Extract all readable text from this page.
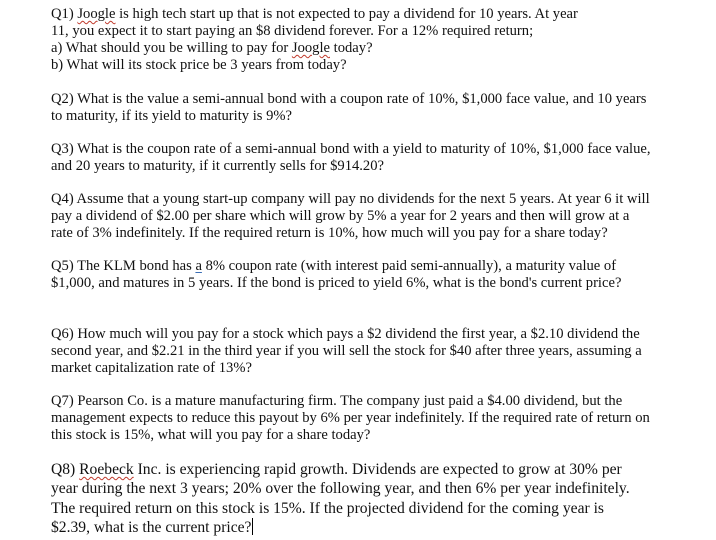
Q1) Joogle is high tech start up that is not expected to pay a dividend for 10 years. At year
11, you expect it to start paying an $8 dividend forever. For a 12% required return;
a) What should you be willing to pay for Joogle today?
b) What will its stock price be 3 years from today?
Q2) What is the value a semi-annual bond with a coupon rate of 10%, $1,000 face value, and 10 years
to maturity, if its yield to maturity is 9%?
Q3) What is the coupon rate of a semi-annual bond with a yield to maturity of 10%, $1,000 face value,
and 20 years to maturity, if it currently sells for $914.20?
Q4) Assume that a young start-up company will pay no dividends for the next 5 years. At year 6 it will
pay a dividend of $2.00 per share which will grow by 5% a year for 2 years and then will grow at a
rate of 3% indefinitely. If the required return is 10%, how much will you pay for a share today?
Q5) The KLM bond has a 8% coupon rate (with interest paid semi-annually), a maturity value of
$1,000, and matures in 5 years. If the bond is priced to yield 6%, what is the bond's current price?
Q6) How much will you pay for a stock which pays a $2 dividend the first year, a $2.10 dividend the
second year, and $2.21 in the third year if you will sell the stock for $40 after three years, assuming a
market capitalization rate of 13%?
Q7) Pearson Co. is a mature manufacturing firm. The company just paid a $4.00 dividend, but the
management expects to reduce this payout by 6% per year indefinitely. If the required rate of return on
this stock is 15%, what will you pay for a share today?
Q8) Roebeck Inc. is experiencing rapid growth. Dividends are expected to grow at 30% per
year during the next 3 years; 20% over the following year, and then 6% per year indefinitely.
The required return on this stock is 15%. If the projected dividend for the coming year is
$2.39, what is the current price?
